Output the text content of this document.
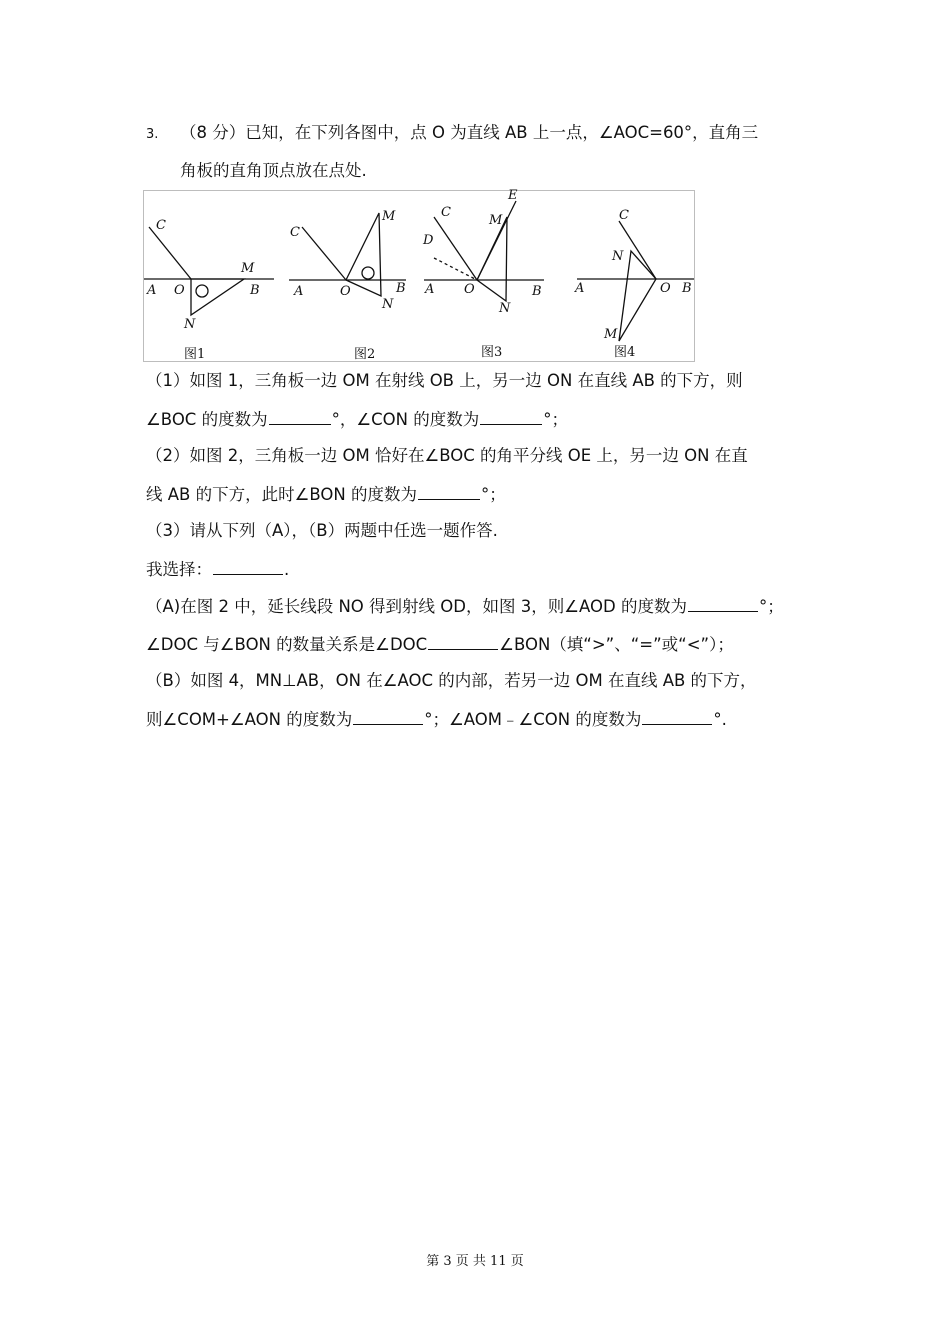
3. （8 分）已知，在下列各图中，点 O 为直线 AB 上一点，∠AOC=60°，直角三
角板的直角顶点放在点处.
C
A O
M
B
N
图1
C
A	O
M
B
N
图2
C
E
M
D
A O	B
N
图3
C
N
A	O B
M
图4
（1）如图 1，三角板一边 OM 在射线 OB 上，另一边 ON 在直线 AB 的下方，则
∠BOC 的度数为	°，∠CON 的度数为	°；
（2）如图 2，三角板一边 OM 恰好在∠BOC 的角平分线 OE 上，另一边 ON 在直
线 AB 的下方，此时∠BON 的度数为	°；
（3）请从下列（A），（B）两题中任选一题作答.
我选择：	.
（A)在图 2 中，延长线段 NO 得到射线 OD，如图 3，则∠AOD 的度数为	°；
∠DOC 与∠BON 的数量关系是∠DOC	∠BON（填“>”、“=”或“<”）；
（B）如图 4，MN⊥AB，ON 在∠AOC 的内部，若另一边 OM 在直线 AB 的下方，
则∠COM+∠AON 的度数为	°；∠AOM﹣∠CON 的度数为	°.
第 3 页 共 11 页
